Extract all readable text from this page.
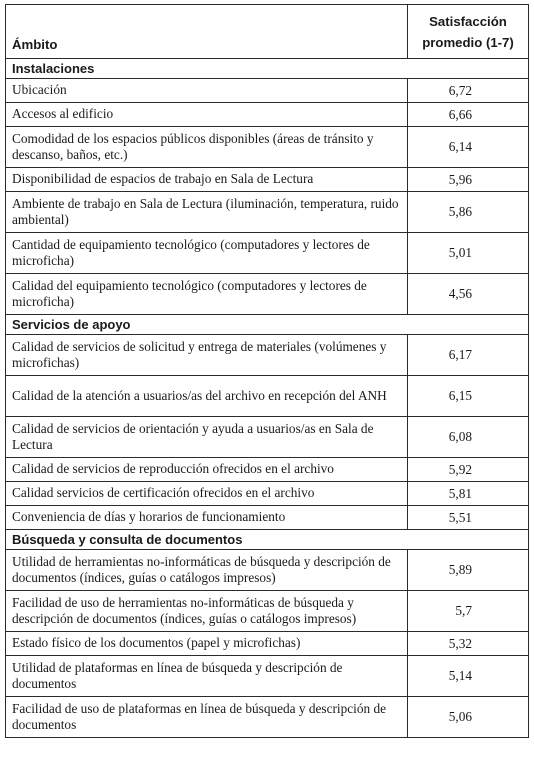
Ámbito	Satisfacción
promedio (1-7)
Instalaciones	
Ubicación	6,72
Accesos al edificio	6,66
Comodidad de los espacios públicos disponibles (áreas de tránsito y descanso, baños, etc.)	6,14
Disponibilidad de espacios de trabajo en Sala de Lectura	5,96
Ambiente de trabajo en Sala de Lectura (iluminación, temperatura, ruido ambiental)	5,86
Cantidad de equipamiento tecnológico (computadores y lectores de microficha)	5,01
Calidad del equipamiento tecnológico (computadores y lectores de microficha)	4,56
Servicios de apoyo	
Calidad de servicios de solicitud y entrega de materiales (volúmenes y microfichas)	6,17
Calidad de la atención a usuarios/as del archivo en recepción del ANH	6,15
Calidad de servicios de orientación y ayuda a usuarios/as en Sala de Lectura	6,08
Calidad de servicios de reproducción ofrecidos en el archivo	5,92
Calidad servicios de certificación ofrecidos en el archivo	5,81
Conveniencia de días y horarios de funcionamiento	5,51
Búsqueda y consulta de documentos	
Utilidad de herramientas no-informáticas de búsqueda y descripción de documentos (índices, guías o catálogos impresos)	5,89
Facilidad de uso de herramientas no-informáticas de búsqueda y descripción de documentos (índices, guías o catálogos impresos)	5,7
Estado físico de los documentos (papel y microfichas)	5,32
Utilidad de plataformas en línea de búsqueda y descripción de documentos	5,14
Facilidad de uso de plataformas en línea de búsqueda y descripción de documentos	5,06
